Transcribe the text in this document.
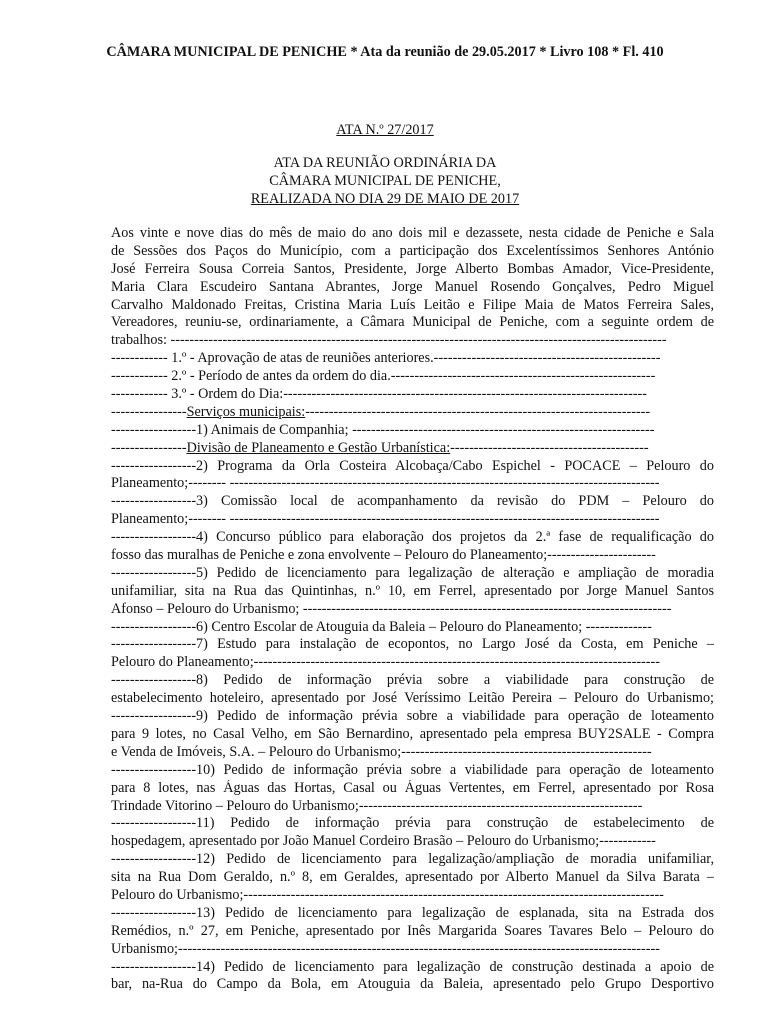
CÂMARA MUNICIPAL DE PENICHE * Ata da reunião de 29.05.2017 * Livro 108 * Fl. 410
ATA N.º 27/2017
ATA DA REUNIÃO ORDINÁRIA DA
CÂMARA MUNICIPAL DE PENICHE,
REALIZADA NO DIA 29 DE MAIO DE 2017
Aos vinte e nove dias do mês de maio do ano dois mil e dezassete, nesta cidade de Peniche e Sala
de Sessões dos Paços do Município, com a participação dos Excelentíssimos Senhores António
José Ferreira Sousa Correia Santos, Presidente, Jorge Alberto Bombas Amador, Vice-Presidente,
Maria Clara Escudeiro Santana Abrantes, Jorge Manuel Rosendo Gonçalves, Pedro Miguel
Carvalho Maldonado Freitas, Cristina Maria Luís Leitão e Filipe Maia de Matos Ferreira Sales,
Vereadores, reuniu-se, ordinariamente, a Câmara Municipal de Peniche, com a seguinte ordem de
trabalhos: ---------------------------------------------------------------------------------------------------------
------------ 1.º - Aprovação de atas de reuniões anteriores.------------------------------------------------
------------ 2.º - Período de antes da ordem do dia.--------------------------------------------------------
------------ 3.º - Ordem do Dia:-----------------------------------------------------------------------------
----------------Serviços municipais:-------------------------------------------------------------------------
------------------1) Animais de Companhia; ----------------------------------------------------------------
----------------Divisão de Planeamento e Gestão Urbanística:------------------------------------------
------------------2) Programa da Orla Costeira Alcobaça/Cabo Espichel - POCACE – Pelouro do
Planeamento;-------- -------------------------------------------------------------------------------------------
------------------3) Comissão local de acompanhamento da revisão do PDM – Pelouro do
Planeamento;-------- -------------------------------------------------------------------------------------------
------------------4) Concurso público para elaboração dos projetos da 2.ª fase de requalificação do
fosso das muralhas de Peniche e zona envolvente – Pelouro do Planeamento;-----------------------
------------------5) Pedido de licenciamento para legalização de alteração e ampliação de moradia
unifamiliar, sita na Rua das Quintinhas, n.º 10, em Ferrel, apresentado por Jorge Manuel Santos
Afonso – Pelouro do Urbanismo; ------------------------------------------------------------------------------
------------------6) Centro Escolar de Atouguia da Baleia – Pelouro do Planeamento; --------------
------------------7) Estudo para instalação de ecopontos, no Largo José da Costa, em Peniche –
Pelouro do Planeamento;--------------------------------------------------------------------------------------
------------------8) Pedido de informação prévia sobre a viabilidade para construção de
estabelecimento hoteleiro, apresentado por José Veríssimo Leitão Pereira – Pelouro do Urbanismo;
------------------9) Pedido de informação prévia sobre a viabilidade para operação de loteamento
para 9 lotes, no Casal Velho, em São Bernardino, apresentado pela empresa BUY2SALE - Compra
e Venda de Imóveis, S.A. – Pelouro do Urbanismo;-----------------------------------------------------
------------------10) Pedido de informação prévia sobre a viabilidade para operação de loteamento
para 8 lotes, nas Águas das Hortas, Casal ou Águas Vertentes, em Ferrel, apresentado por Rosa
Trindade Vitorino – Pelouro do Urbanismo;------------------------------------------------------------
------------------11) Pedido de informação prévia para construção de estabelecimento de
hospedagem, apresentado por João Manuel Cordeiro Brasão – Pelouro do Urbanismo;------------
------------------12) Pedido de licenciamento para legalização/ampliação de moradia unifamiliar,
sita na Rua Dom Geraldo, n.º 8, em Geraldes, apresentado por Alberto Manuel da Silva Barata –
Pelouro do Urbanismo;-----------------------------------------------------------------------------------------
------------------13) Pedido de licenciamento para legalização de esplanada, sita na Estrada dos
Remédios, n.º 27, em Peniche, apresentado por Inês Margarida Soares Tavares Belo – Pelouro do
Urbanismo;------------------------------------------------------------------------------------------------------
------------------14) Pedido de licenciamento para legalização de construção destinada a apoio de
bar, na-Rua do Campo da Bola, em Atouguia da Baleia, apresentado pelo Grupo Desportivo
